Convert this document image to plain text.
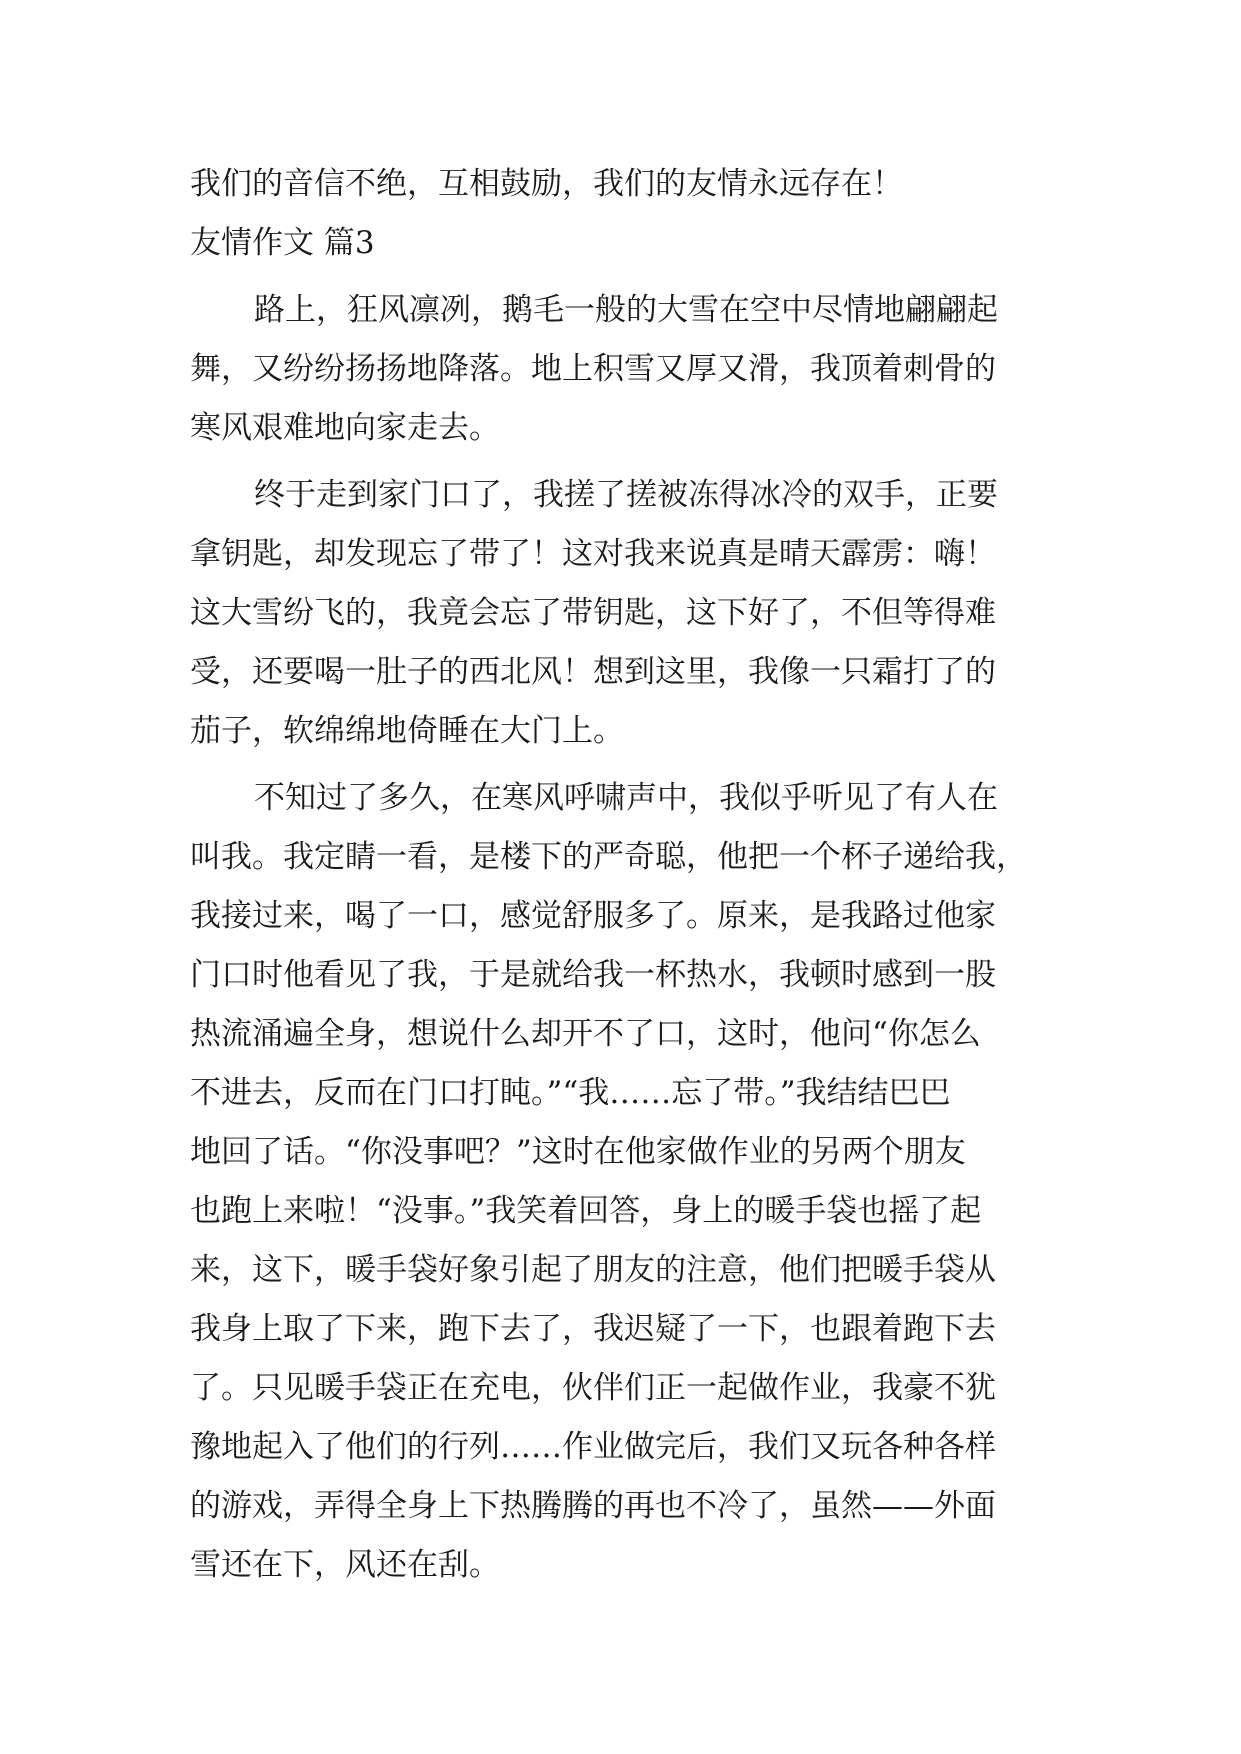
我们的音信不绝，互相鼓励，我们的友情永远存在！
友情作文 篇3
路上，狂风凛冽，鹅毛一般的大雪在空中尽情地翩翩起
舞，又纷纷扬扬地降落。地上积雪又厚又滑，我顶着刺骨的
寒风艰难地向家走去。
终于走到家门口了，我搓了搓被冻得冰冷的双手，正要
拿钥匙，却发现忘了带了！这对我来说真是晴天霹雳：嗨！
这大雪纷飞的，我竟会忘了带钥匙，这下好了，不但等得难
受，还要喝一肚子的西北风！想到这里，我像一只霜打了的
茄子，软绵绵地倚睡在大门上。
不知过了多久，在寒风呼啸声中，我似乎听见了有人在
叫我。我定睛一看，是楼下的严奇聪，他把一个杯子递给我，
我接过来，喝了一口，感觉舒服多了。原来，是我路过他家
门口时他看见了我，于是就给我一杯热水，我顿时感到一股
热流涌遍全身，想说什么却开不了口，这时，他问“你怎么
不进去，反而在门口打盹。”“我……忘了带。”我结结巴巴
地回了话。“你没事吧？”这时在他家做作业的另两个朋友
也跑上来啦！“没事。”我笑着回答，身上的暖手袋也摇了起
来，这下，暖手袋好象引起了朋友的注意，他们把暖手袋从
我身上取了下来，跑下去了，我迟疑了一下，也跟着跑下去
了。只见暖手袋正在充电，伙伴们正一起做作业，我豪不犹
豫地起入了他们的行列……作业做完后，我们又玩各种各样
的游戏，弄得全身上下热腾腾的再也不冷了，虽然——外面
雪还在下，风还在刮。
